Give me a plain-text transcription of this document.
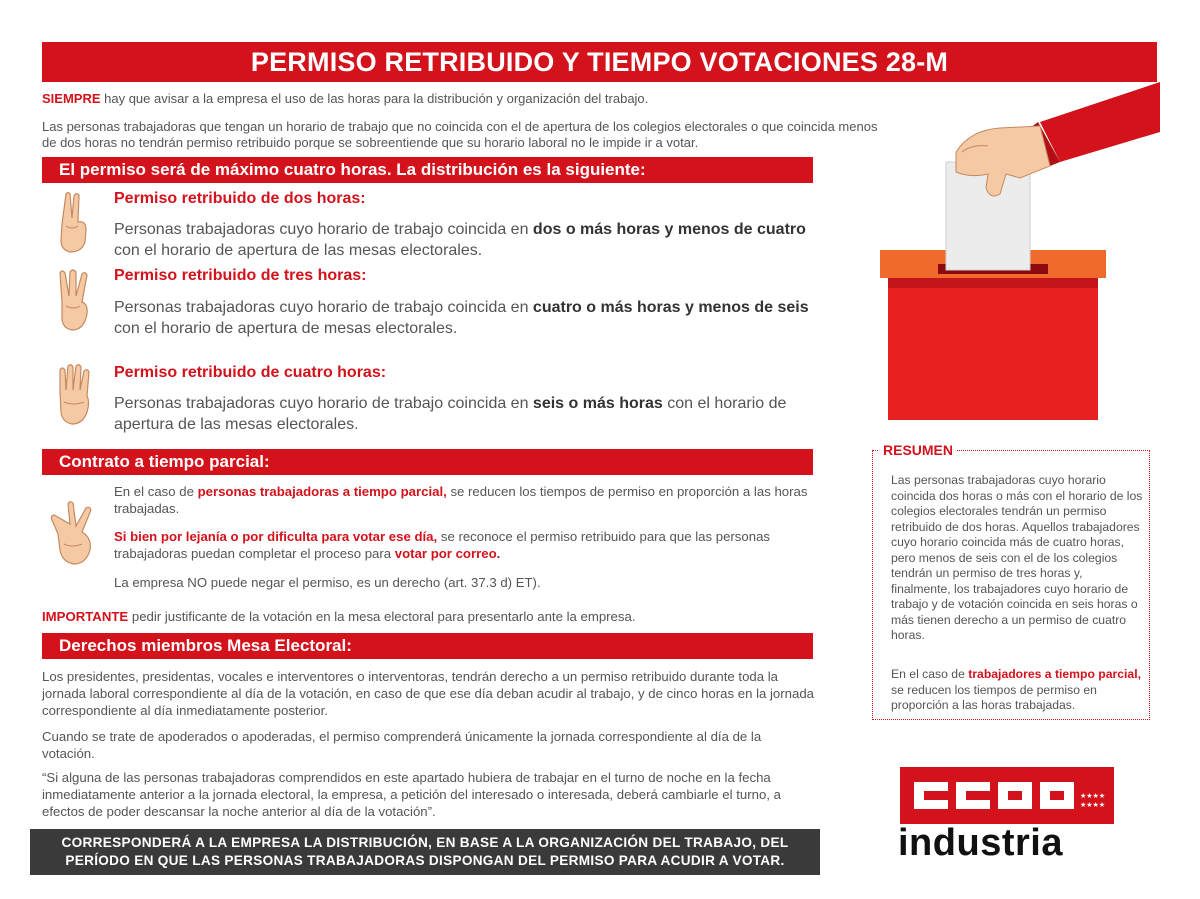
PERMISO RETRIBUIDO Y TIEMPO VOTACIONES 28-M
SIEMPRE hay que avisar a la empresa el uso de las horas para la distribución y organización del trabajo.
Las personas trabajadoras que tengan un horario de trabajo que no coincida con el de apertura de los colegios electorales o que coincida menos de dos horas no tendrán permiso retribuido porque se sobreentiende que su horario laboral no le impide ir a votar.
El permiso será de máximo cuatro horas. La distribución es la siguiente:
Permiso retribuido de dos horas:
Personas trabajadoras cuyo horario de trabajo coincida en dos o más horas y menos de cuatro con el horario de apertura de las mesas electorales.
Permiso retribuido de tres horas:
Personas trabajadoras cuyo horario de trabajo coincida en cuatro o más horas y menos de seis con el horario de apertura de mesas electorales.
Permiso retribuido de cuatro horas:
Personas trabajadoras cuyo horario de trabajo coincida en seis o más horas con el horario de apertura de las mesas electorales.
Contrato a tiempo parcial:
En el caso de personas trabajadoras a tiempo parcial, se reducen los tiempos de permiso en proporción a las horas trabajadas.
Si bien por lejanía o por dificulta para votar ese día, se reconoce el permiso retribuido para que las personas trabajadoras puedan completar el proceso para votar por correo.
La empresa NO puede negar el permiso, es un derecho (art. 37.3 d) ET).
IMPORTANTE pedir justificante de la votación en la mesa electoral para presentarlo ante la empresa.
Derechos miembros Mesa Electoral:
Los presidentes, presidentas, vocales e interventores o interventoras, tendrán derecho a un permiso retribuido durante toda la jornada laboral correspondiente al día de la votación, en caso de que ese día deban acudir al trabajo, y de cinco horas en la jornada correspondiente al día inmediatamente posterior.
Cuando se trate de apoderados o apoderadas, el permiso comprenderá únicamente la jornada correspondiente al día de la votación.
“Si alguna de las personas trabajadoras comprendidos en este apartado hubiera de trabajar en el turno de noche en la fecha inmediatamente anterior a la jornada electoral, la empresa, a petición del interesado o interesada, deberá cambiarle el turno, a efectos de poder descansar la noche anterior al día de la votación”.
CORRESPONDERÁ A LA EMPRESA LA DISTRIBUCIÓN, EN BASE A LA ORGANIZACIÓN DEL TRABAJO, DEL
PERÍODO EN QUE LAS PERSONAS TRABAJADORAS DISPONGAN DEL PERMISO PARA ACUDIR A VOTAR.
RESUMEN
Las personas trabajadoras cuyo horario coincida dos horas o más con el horario de los colegios electorales tendrán un permiso retribuido de dos horas. Aquellos trabajadores cuyo horario coincida más de cuatro horas, pero menos de seis con el de los colegios tendrán un permiso de tres horas y, finalmente, los trabajadores cuyo horario de trabajo y de votación coincida en seis horas o más tienen derecho a un permiso de cuatro horas.
En el caso de trabajadores a tiempo parcial, se reducen los tiempos de permiso en proporción a las horas trabajadas.
★★★★
★★★★
industria
